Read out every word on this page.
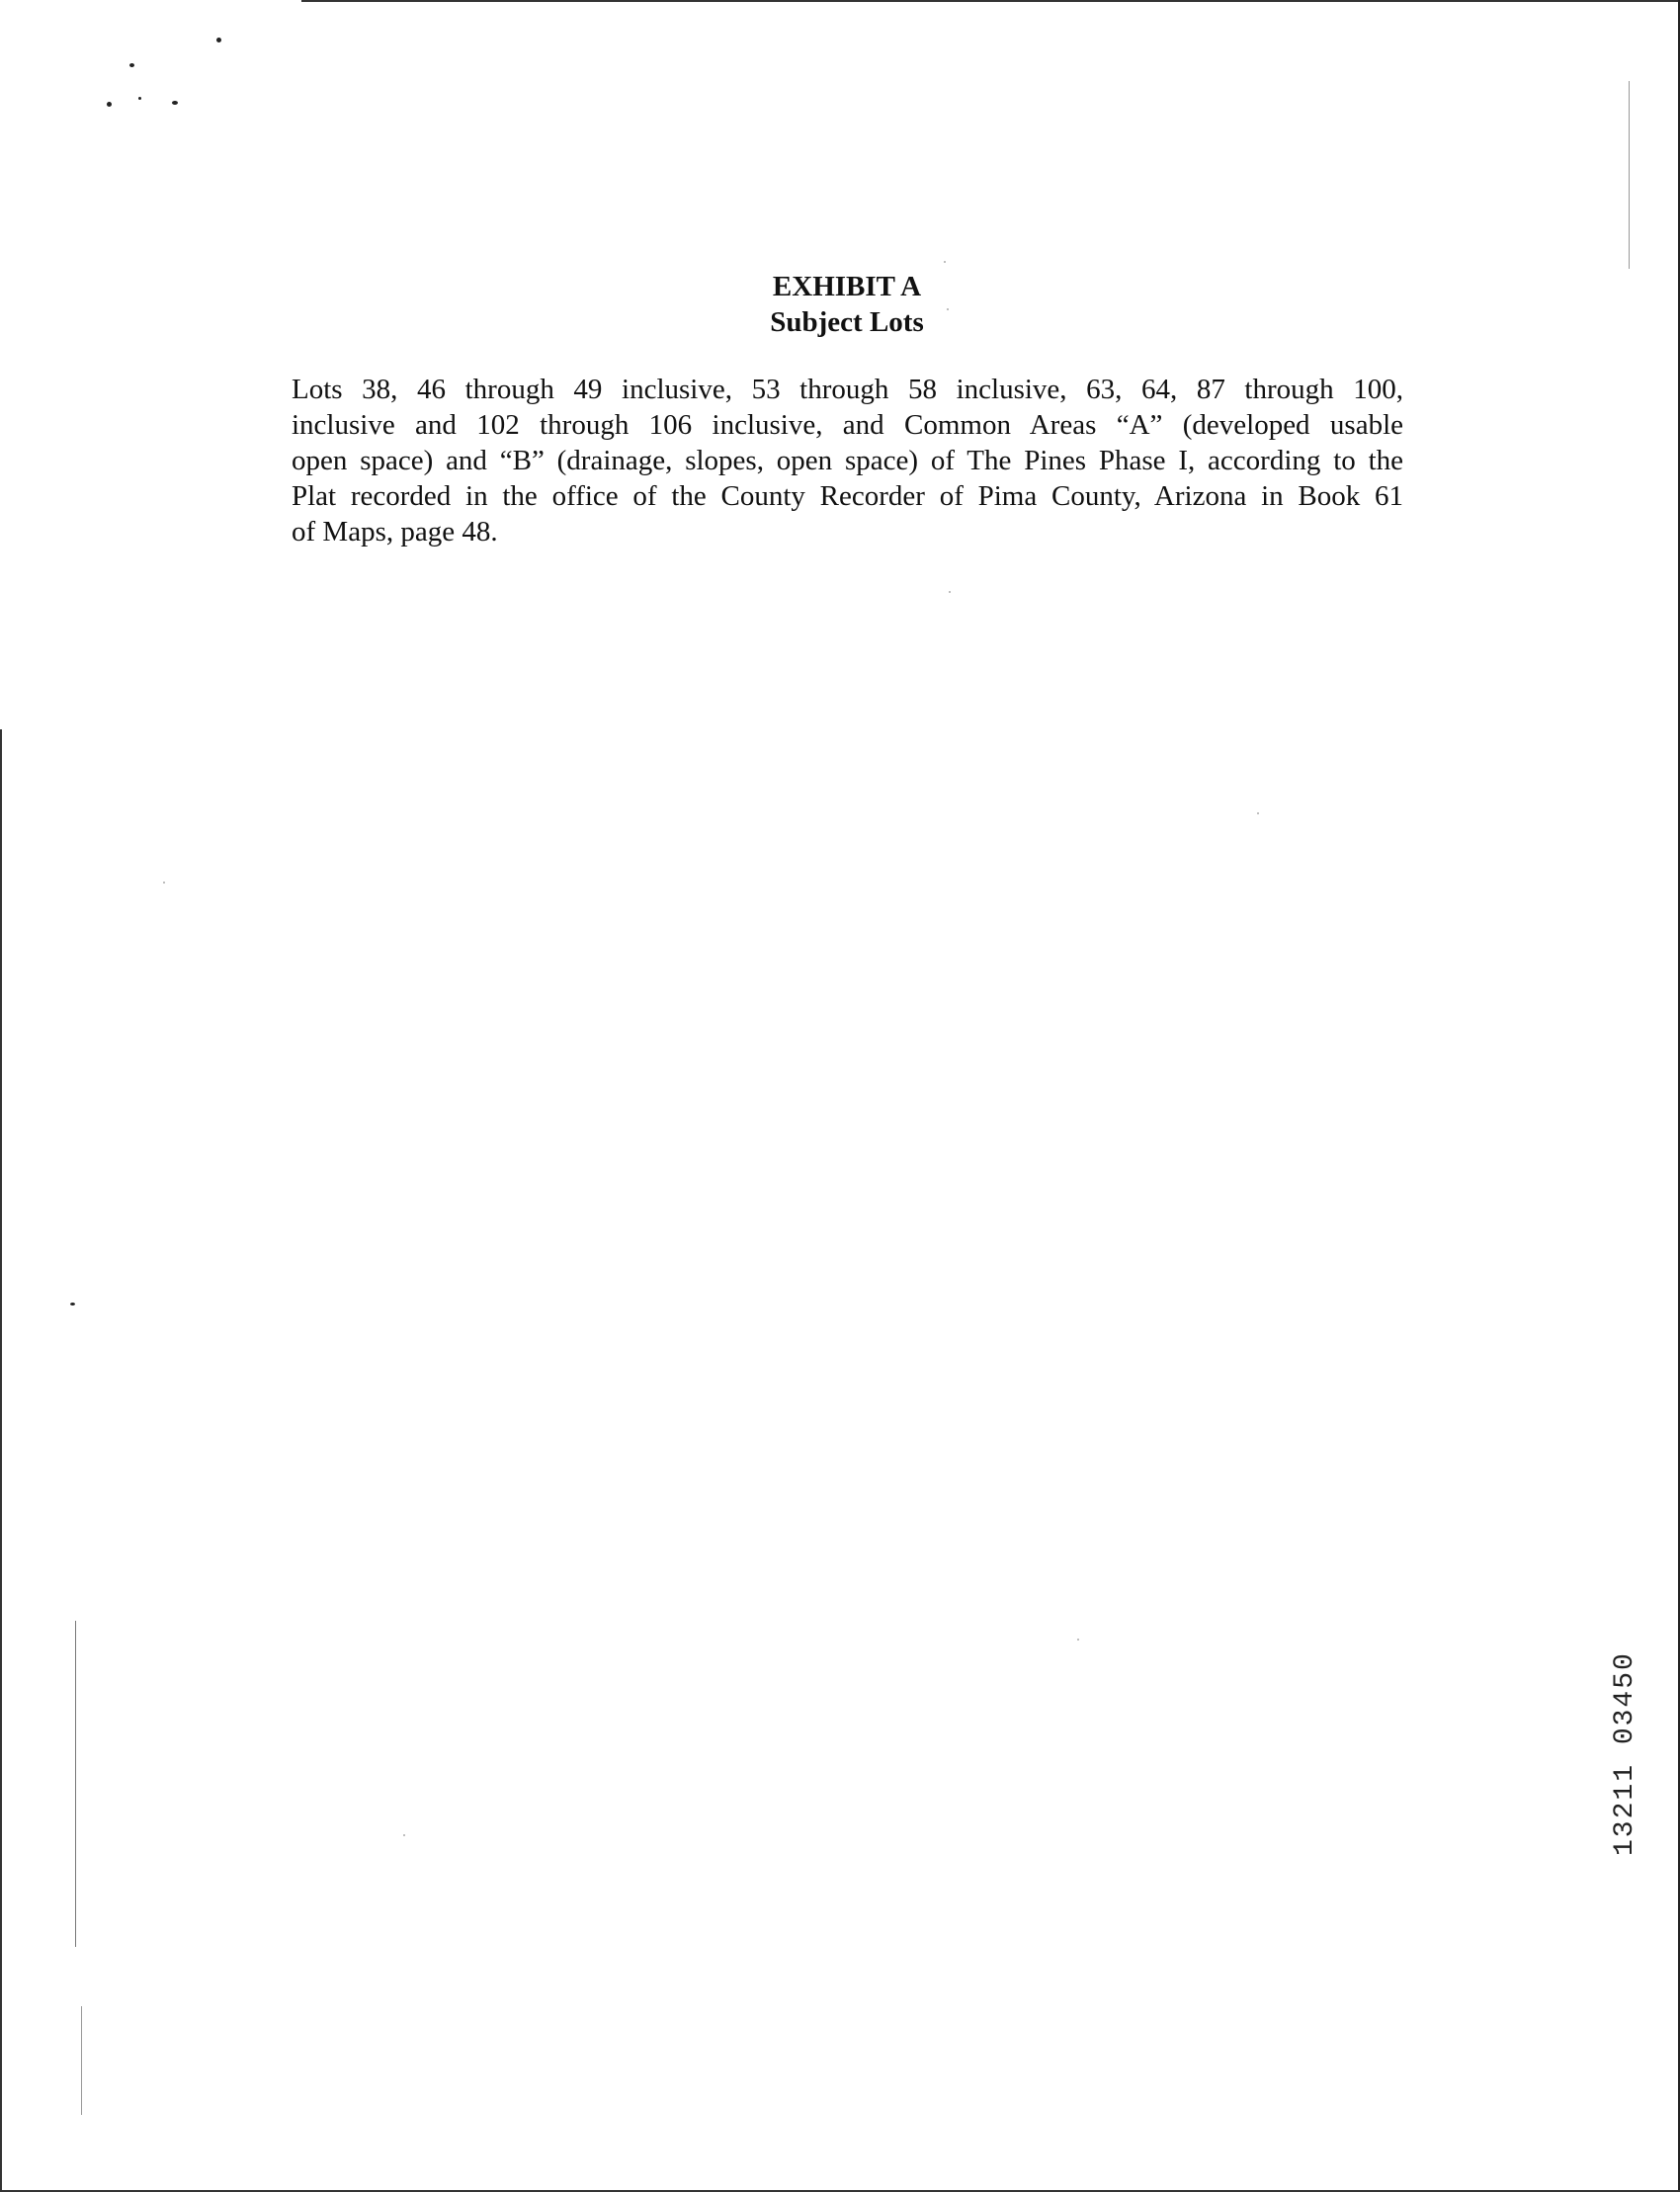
EXHIBIT A
Subject Lots
Lots 38, 46 through 49 inclusive, 53 through 58 inclusive, 63, 64, 87 through 100,
inclusive and 102 through 106 inclusive, and Common Areas “A” (developed usable
open space) and “B” (drainage, slopes, open space) of The Pines Phase I, according to the
Plat recorded in the office of the County Recorder of Pima County, Arizona in Book 61
of Maps, page 48.
13211 03450
